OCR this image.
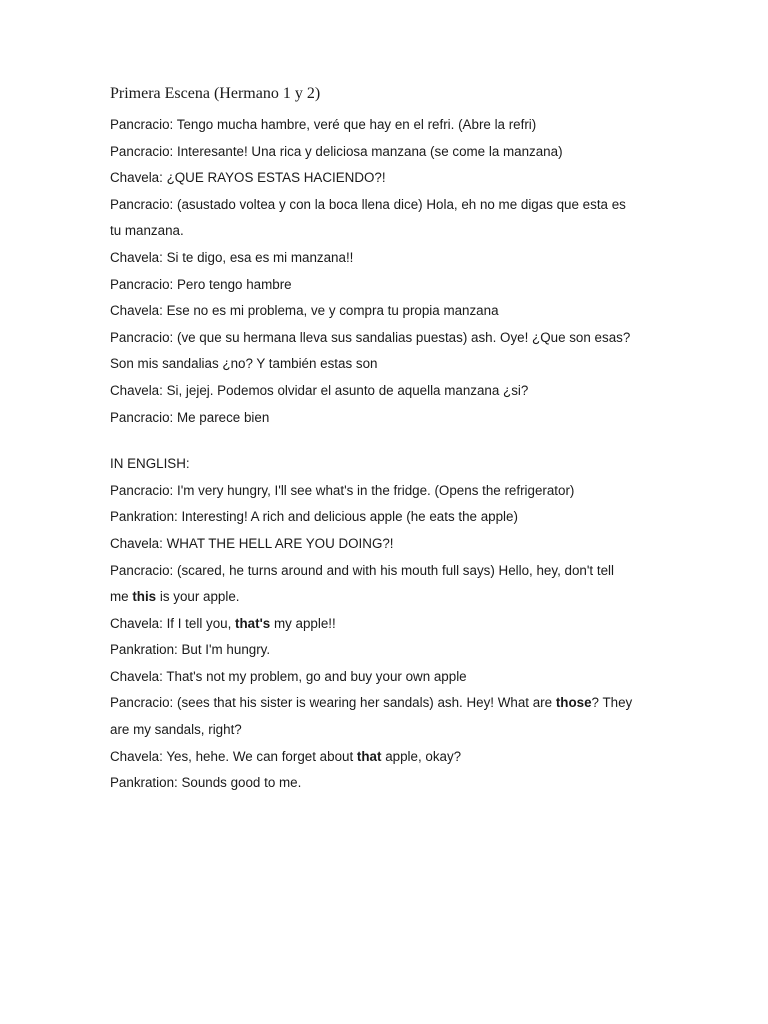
Primera Escena (Hermano 1 y 2)

Pancracio: Tengo mucha hambre, veré que hay en el refri. (Abre la refri)

Pancracio: Interesante! Una rica y deliciosa manzana (se come la manzana)

Chavela: ¿QUE RAYOS ESTAS HACIENDO?!

Pancracio: (asustado voltea y con la boca llena dice) Hola, eh no me digas que esta es

tu manzana.

Chavela: Si te digo, esa es mi manzana!!

Pancracio: Pero tengo hambre

Chavela: Ese no es mi problema, ve y compra tu propia manzana

Pancracio: (ve que su hermana lleva sus sandalias puestas) ash. Oye! ¿Que son esas?

Son mis sandalias ¿no? Y también estas son

Chavela: Si, jejej. Podemos olvidar el asunto de aquella manzana ¿si?

Pancracio: Me parece bien

IN ENGLISH:

Pancracio: I'm very hungry, I'll see what's in the fridge. (Opens the refrigerator)

Pankration: Interesting! A rich and delicious apple (he eats the apple)

Chavela: WHAT THE HELL ARE YOU DOING?!

Pancracio: (scared, he turns around and with his mouth full says) Hello, hey, don't tell

me this is your apple.

Chavela: If I tell you, that's my apple!!

Pankration: But I'm hungry.

Chavela: That's not my problem, go and buy your own apple

Pancracio: (sees that his sister is wearing her sandals) ash. Hey! What are those? They

are my sandals, right?

Chavela: Yes, hehe. We can forget about that apple, okay?

Pankration: Sounds good to me.
